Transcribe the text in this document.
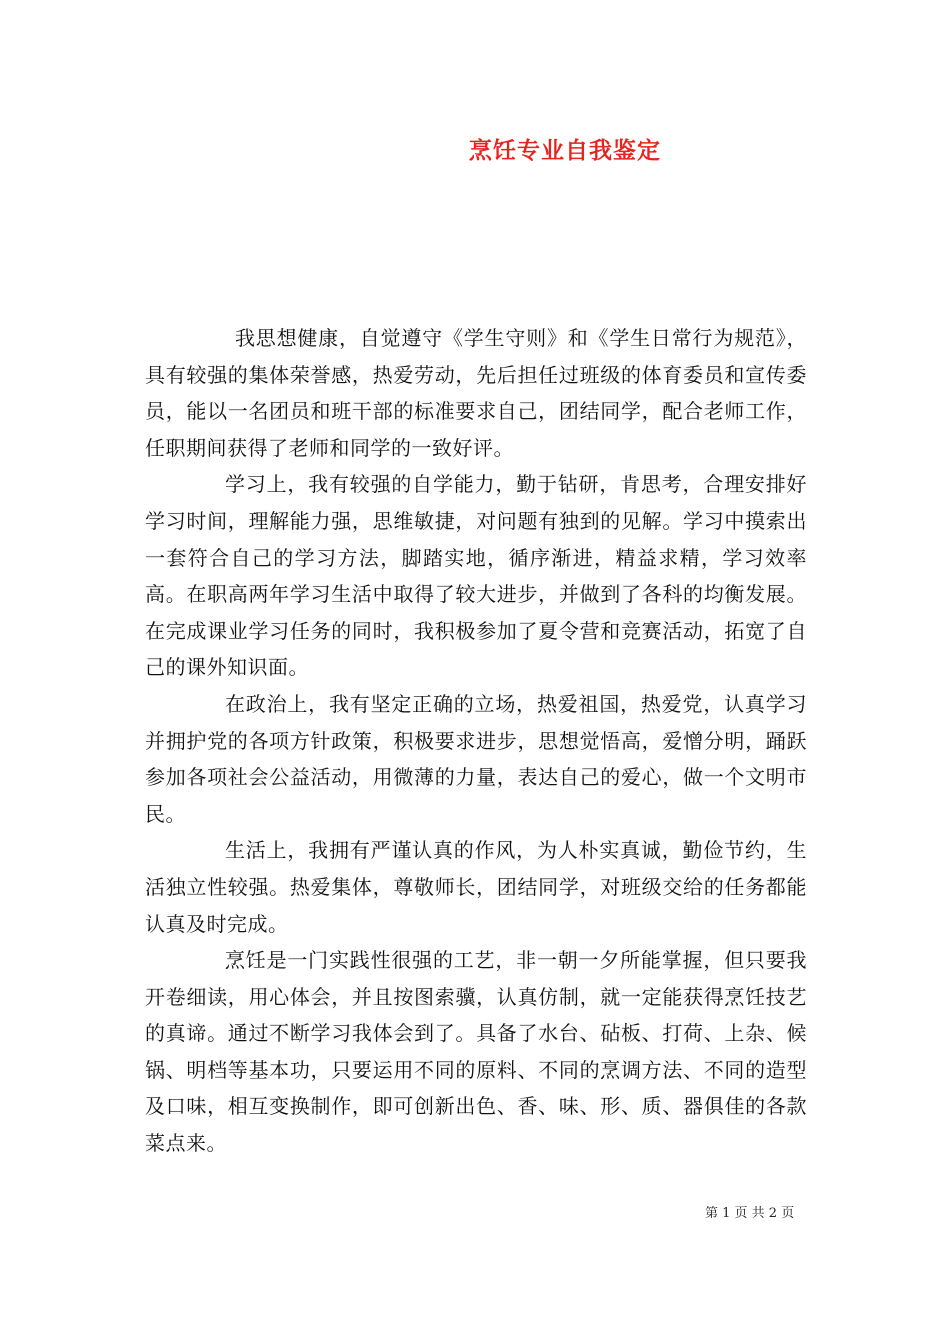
烹饪专业自我鉴定

我思想健康，自觉遵守《学生守则》和《学生日常行为规范》，具有较强的集体荣誉感，热爱劳动，先后担任过班级的体育委员和宣传委员，能以一名团员和班干部的标准要求自己，团结同学，配合老师工作，任职期间获得了老师和同学的一致好评。

学习上，我有较强的自学能力，勤于钻研，肯思考，合理安排好学习时间，理解能力强，思维敏捷，对问题有独到的见解。学习中摸索出一套符合自己的学习方法，脚踏实地，循序渐进，精益求精，学习效率高。在职高两年学习生活中取得了较大进步，并做到了各科的均衡发展。在完成课业学习任务的同时，我积极参加了夏令营和竞赛活动，拓宽了自己的课外知识面。

在政治上，我有坚定正确的立场，热爱祖国，热爱党，认真学习并拥护党的各项方针政策，积极要求进步，思想觉悟高，爱憎分明，踊跃参加各项社会公益活动，用微薄的力量，表达自己的爱心，做一个文明市民。

生活上，我拥有严谨认真的作风，为人朴实真诚，勤俭节约，生活独立性较强。热爱集体，尊敬师长，团结同学，对班级交给的任务都能认真及时完成。

烹饪是一门实践性很强的工艺，非一朝一夕所能掌握，但只要我开卷细读，用心体会，并且按图索骥，认真仿制，就一定能获得烹饪技艺的真谛。通过不断学习我体会到了。具备了水台、砧板、打荷、上杂、候锅、明档等基本功，只要运用不同的原料、不同的烹调方法、不同的造型及口味，相互变换制作，即可创新出色、香、味、形、质、器俱佳的各款菜点来。

第 1 页 共 2 页
